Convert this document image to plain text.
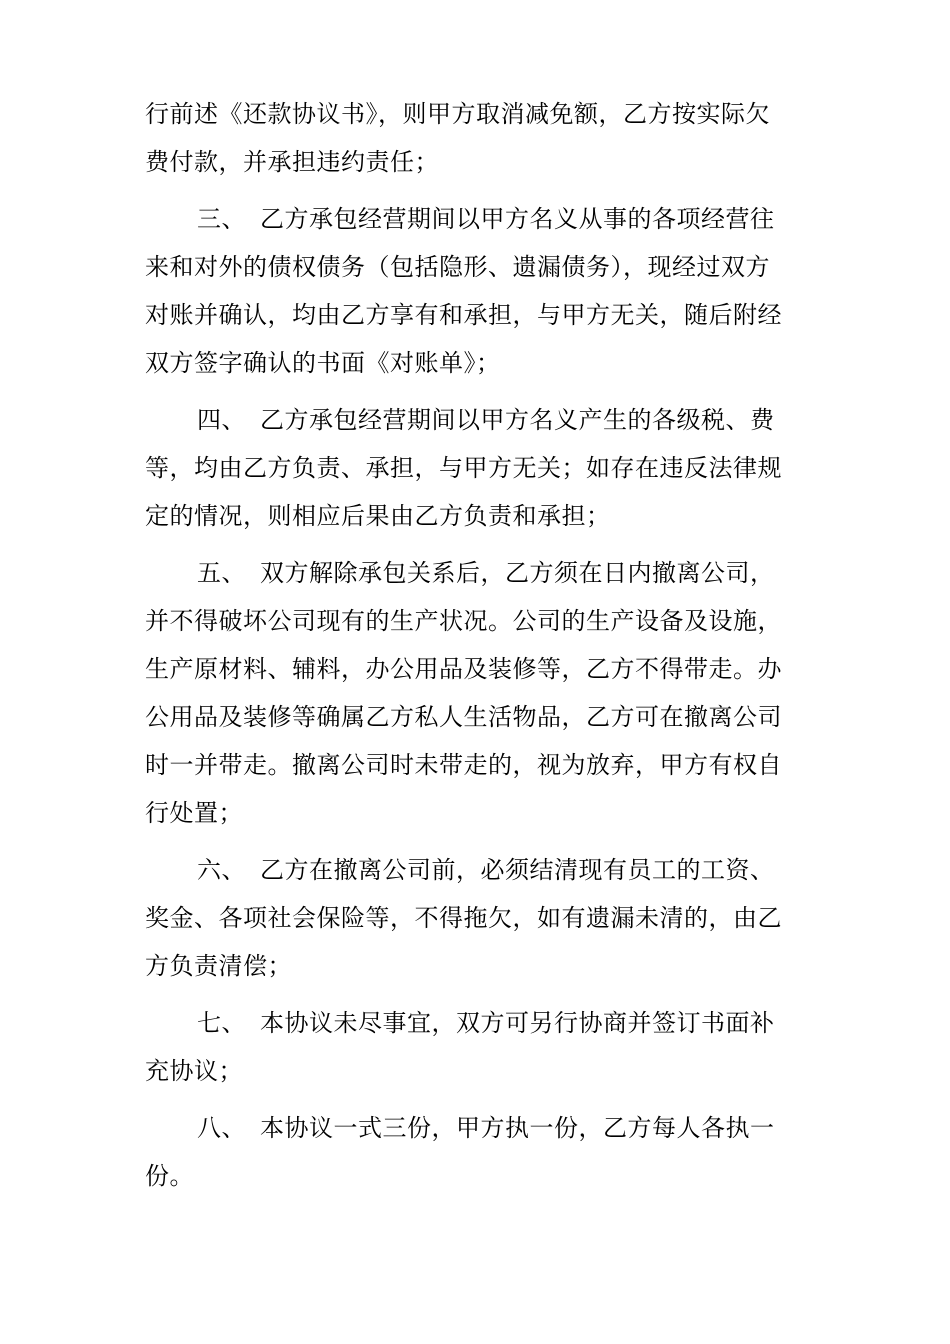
行前述《还款协议书》，则甲方取消减免额，乙方按实际欠
费付款，并承担违约责任；
三、 乙方承包经营期间以甲方名义从事的各项经营往
来和对外的债权债务（包括隐形、遗漏债务），现经过双方
对账并确认，均由乙方享有和承担，与甲方无关，随后附经
双方签字确认的书面《对账单》；
四、 乙方承包经营期间以甲方名义产生的各级税、费
等，均由乙方负责、承担，与甲方无关；如存在违反法律规
定的情况，则相应后果由乙方负责和承担；
五、 双方解除承包关系后，乙方须在日内撤离公司，
并不得破坏公司现有的生产状况。公司的生产设备及设施，
生产原材料、辅料，办公用品及装修等，乙方不得带走。办
公用品及装修等确属乙方私人生活物品，乙方可在撤离公司
时一并带走。撤离公司时未带走的，视为放弃，甲方有权自
行处置；
六、 乙方在撤离公司前，必须结清现有员工的工资、
奖金、各项社会保险等，不得拖欠，如有遗漏未清的，由乙
方负责清偿；
七、 本协议未尽事宜，双方可另行协商并签订书面补
充协议；
八、 本协议一式三份，甲方执一份，乙方每人各执一
份。
